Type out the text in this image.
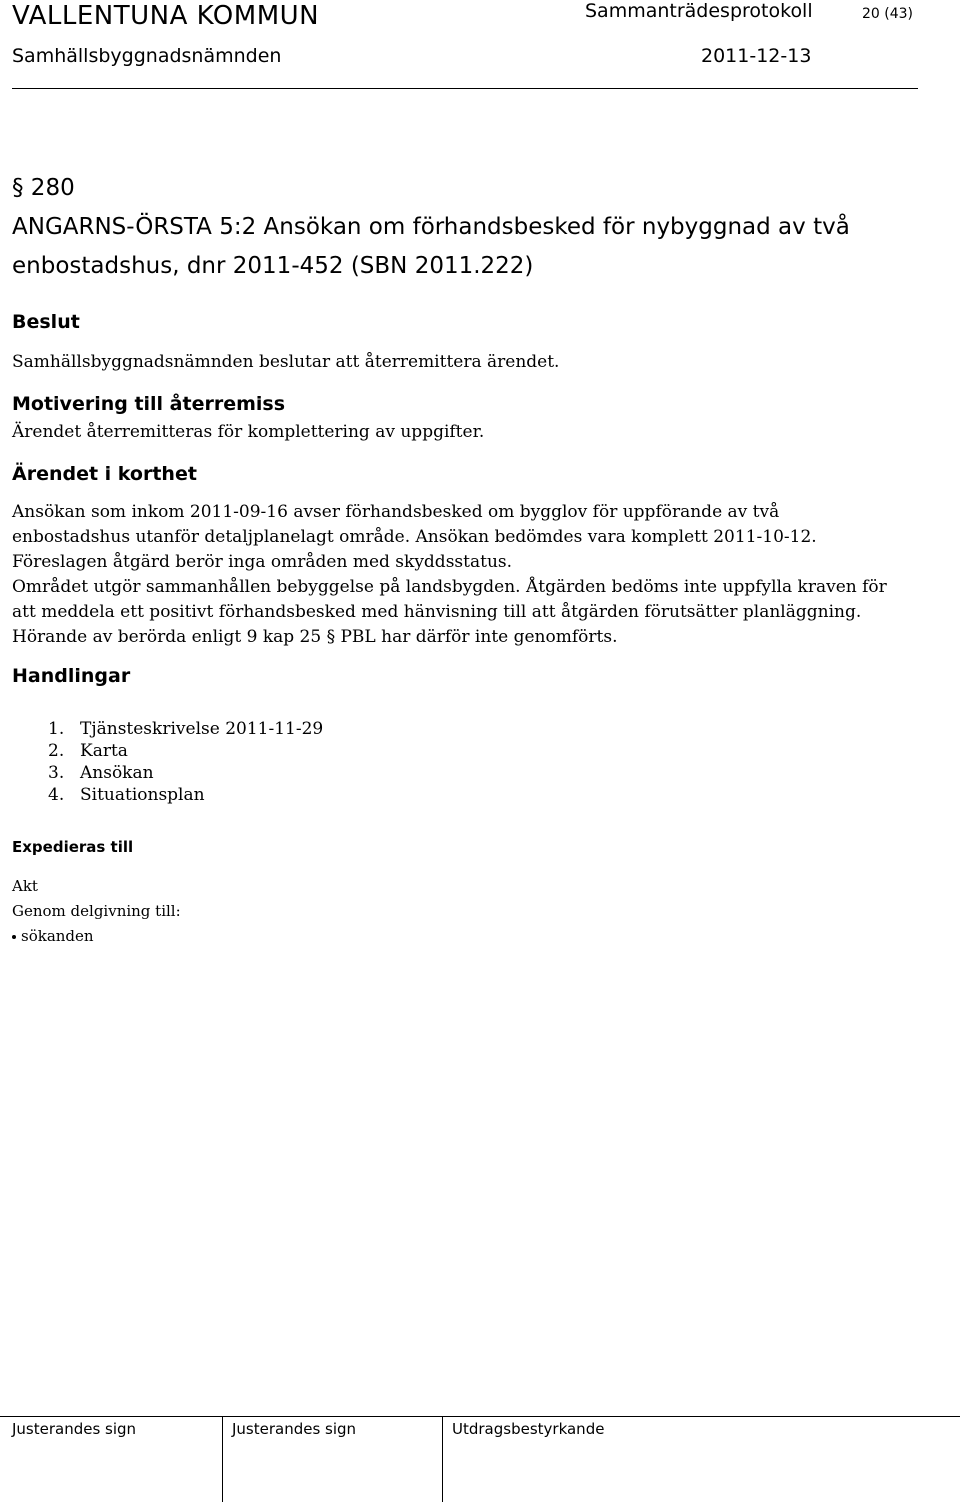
VALLENTUNA KOMMUN	Sammanträdesprotokoll	20 (43)
Samhällsbyggnadsnämnden	2011-12-13
§ 280
ANGARNS-ÖRSTA 5:2 Ansökan om förhandsbesked för nybyggnad av två
enbostadshus, dnr 2011-452 (SBN 2011.222)
Beslut
Samhällsbyggnadsnämnden beslutar att återremittera ärendet.
Motivering till återremiss
Ärendet återremitteras för komplettering av uppgifter.
Ärendet i korthet
Ansökan som inkom 2011-09-16 avser förhandsbesked om bygglov för uppförande av två
enbostadshus utanför detaljplanelagt område. Ansökan bedömdes vara komplett 2011-10-12.
Föreslagen åtgärd berör inga områden med skyddsstatus.
Området utgör sammanhållen bebyggelse på landsbygden. Åtgärden bedöms inte uppfylla kraven för
att meddela ett positivt förhandsbesked med hänvisning till att åtgärden förutsätter planläggning.
Hörande av berörda enligt 9 kap 25 § PBL har därför inte genomförts.
Handlingar
1. Tjänsteskrivelse 2011-11-29
2. Karta
3. Ansökan
4. Situationsplan
Expedieras till
Akt
Genom delgivning till:
sökanden
Justerandes sign	Justerandes sign	Utdragsbestyrkande
